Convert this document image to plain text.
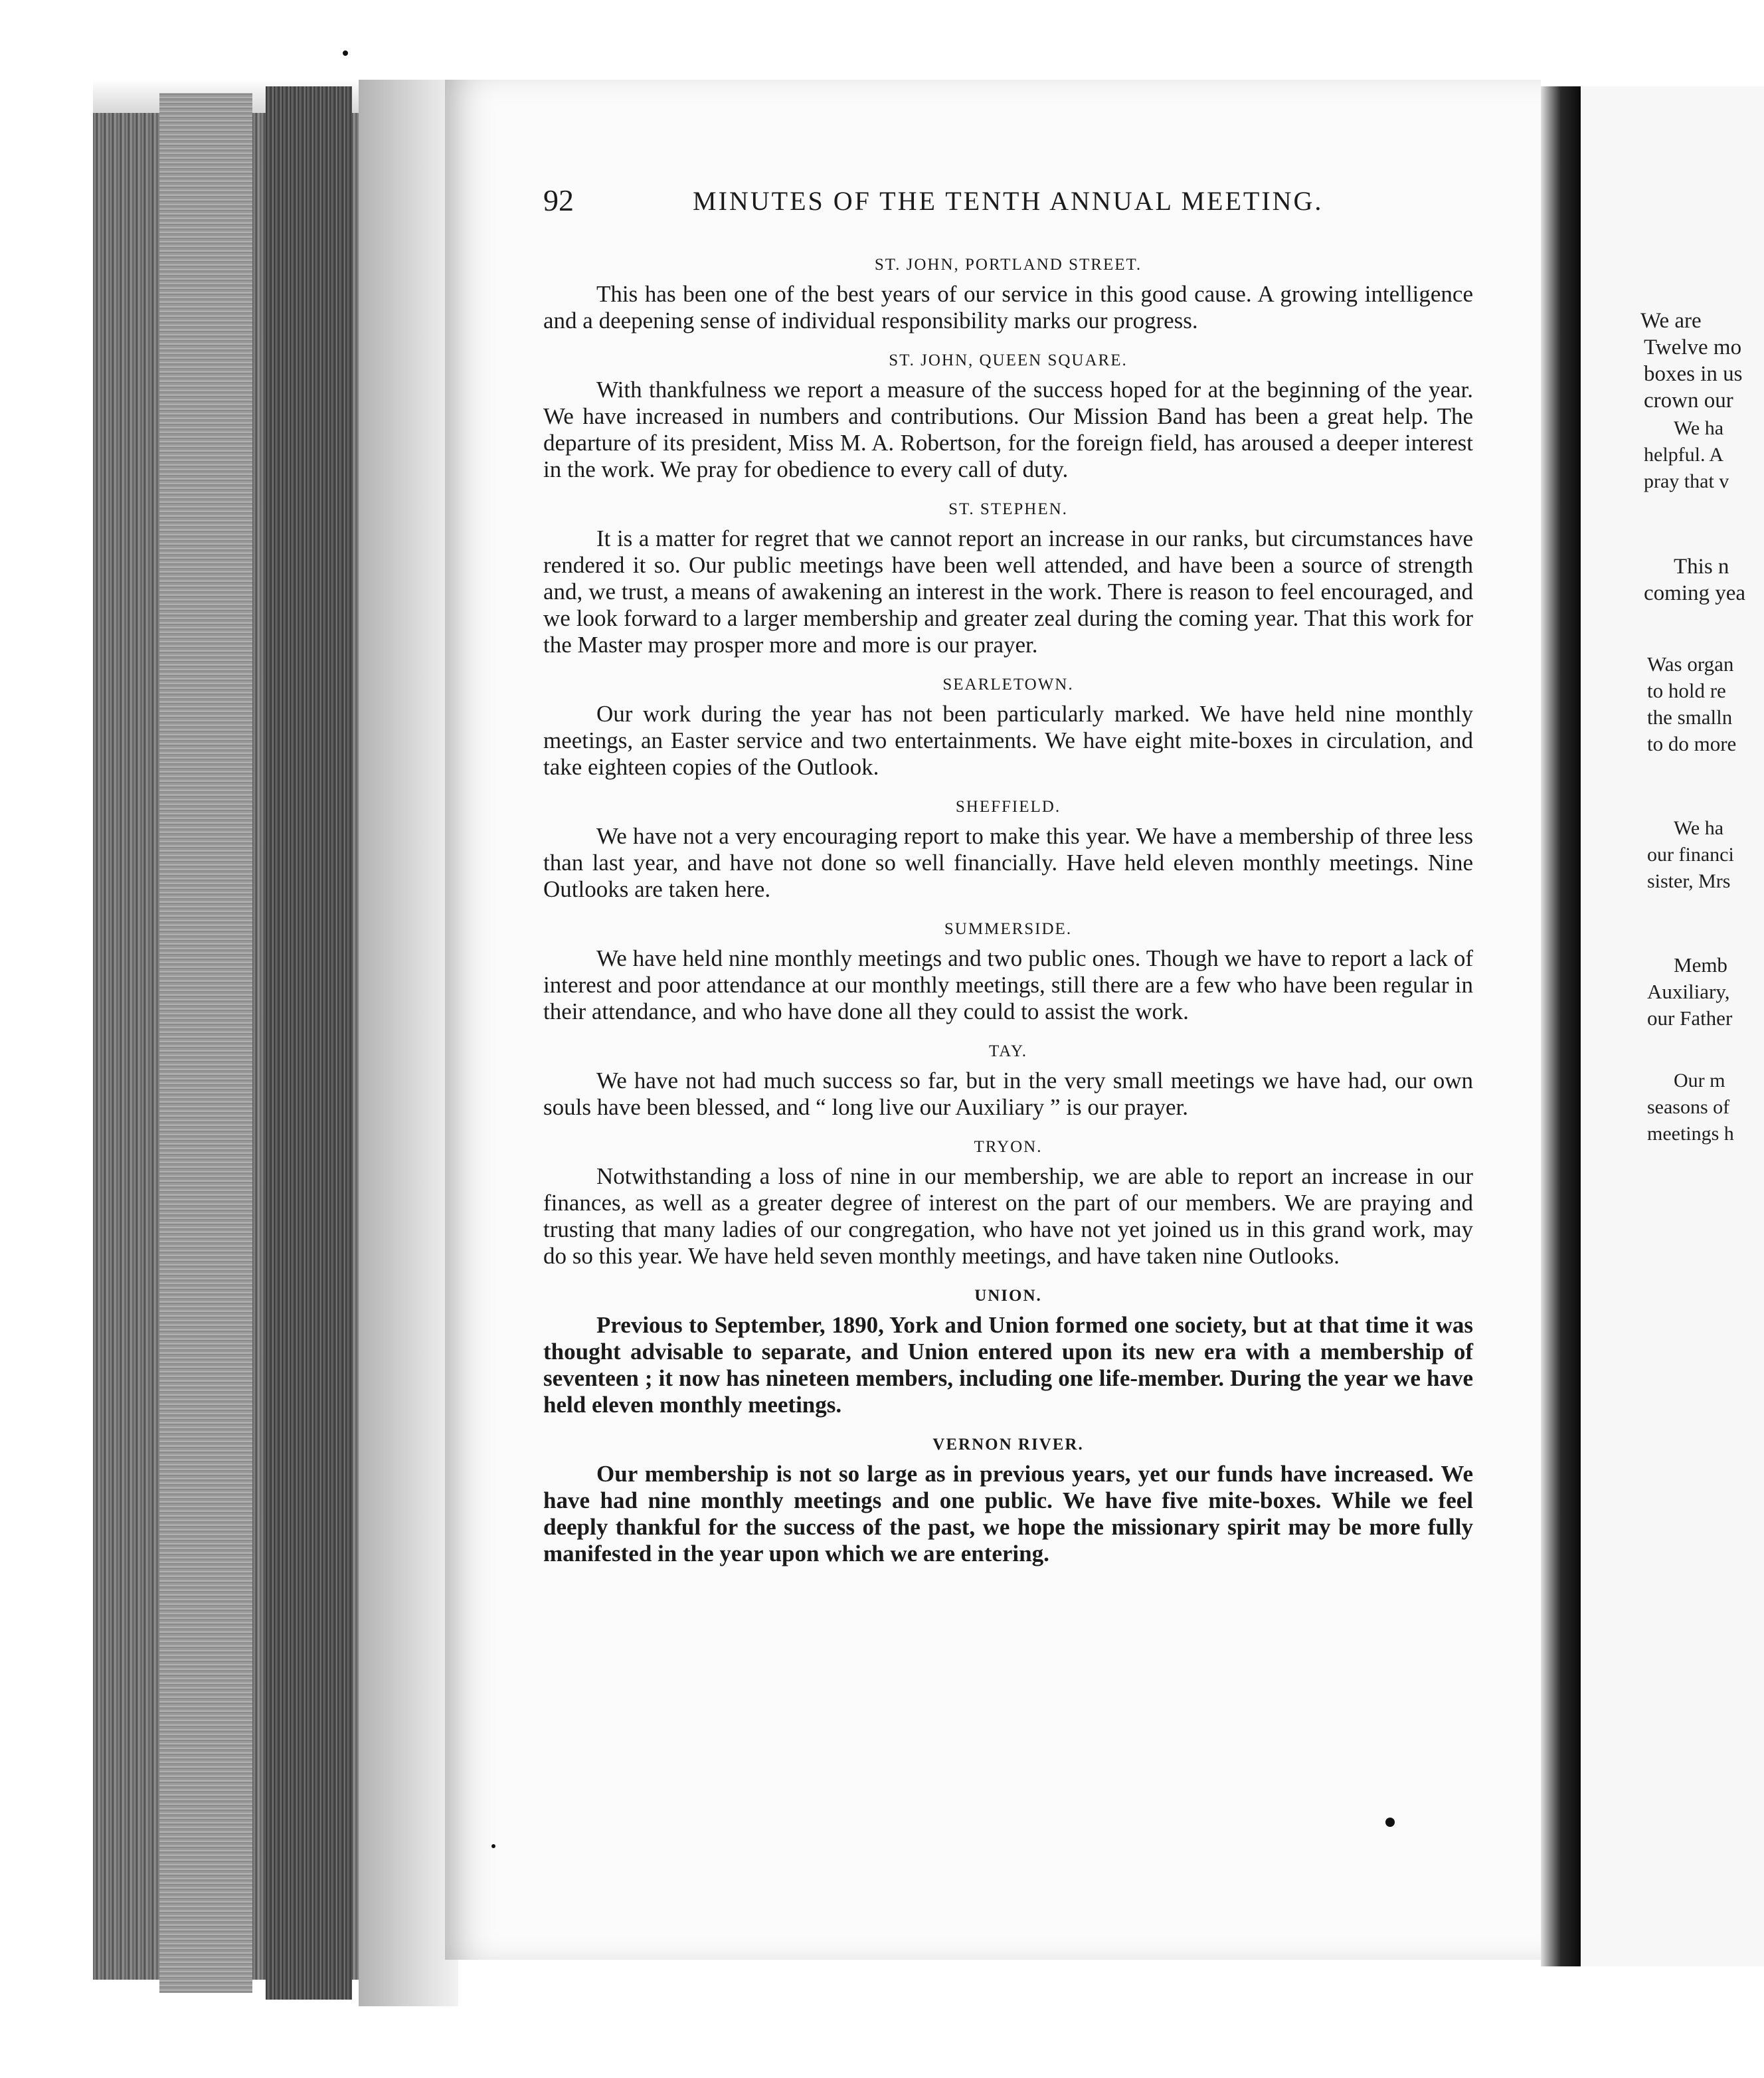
We are
Twelve mo
boxes in us
crown our
We ha
helpful. A
pray that v
This n
coming yea
Was organ
to hold re
the smalln
to do more
We ha
our financi
sister, Mrs
Memb
Auxiliary,
our Father
Our m
seasons of
meetings h
92	MINUTES OF THE TENTH ANNUAL MEETING.
ST. JOHN, PORTLAND STREET.

This has been one of the best years of our service in this good cause. A growing intelligence and a deepening sense of individual responsibility marks our progress.

ST. JOHN, QUEEN SQUARE.

With thankfulness we report a measure of the success hoped for at the beginning of the year. We have increased in numbers and contributions. Our Mission Band has been a great help. The departure of its president, Miss M. A. Robertson, for the foreign field, has aroused a deeper interest in the work. We pray for obedience to every call of duty.

ST. STEPHEN.

It is a matter for regret that we cannot report an increase in our ranks, but circumstances have rendered it so. Our public meetings have been well attended, and have been a source of strength and, we trust, a means of awakening an interest in the work. There is reason to feel encouraged, and we look forward to a larger membership and greater zeal during the coming year. That this work for the Master may prosper more and more is our prayer.

SEARLETOWN.

Our work during the year has not been particularly marked. We have held nine monthly meetings, an Easter service and two entertainments. We have eight mite-boxes in circulation, and take eighteen copies of the Outlook.

SHEFFIELD.

We have not a very encouraging report to make this year. We have a membership of three less than last year, and have not done so well financially. Have held eleven monthly meetings. Nine Outlooks are taken here.

SUMMERSIDE.

We have held nine monthly meetings and two public ones. Though we have to report a lack of interest and poor attendance at our monthly meetings, still there are a few who have been regular in their attendance, and who have done all they could to assist the work.

TAY.

We have not had much success so far, but in the very small meetings we have had, our own souls have been blessed, and “ long live our Auxiliary ” is our prayer.

TRYON.

Notwithstanding a loss of nine in our membership, we are able to report an increase in our finances, as well as a greater degree of interest on the part of our members. We are praying and trusting that many ladies of our congregation, who have not yet joined us in this grand work, may do so this year. We have held seven monthly meetings, and have taken nine Outlooks.

UNION.

Previous to September, 1890, York and Union formed one society, but at that time it was thought advisable to separate, and Union entered upon its new era with a membership of seventeen ; it now has nineteen members, including one life-member. During the year we have held eleven monthly meetings.

VERNON RIVER.

Our membership is not so large as in previous years, yet our funds have increased. We have had nine monthly meetings and one public. We have five mite-boxes. While we feel deeply thankful for the success of the past, we hope the missionary spirit may be more fully manifested in the year upon which we are entering.
